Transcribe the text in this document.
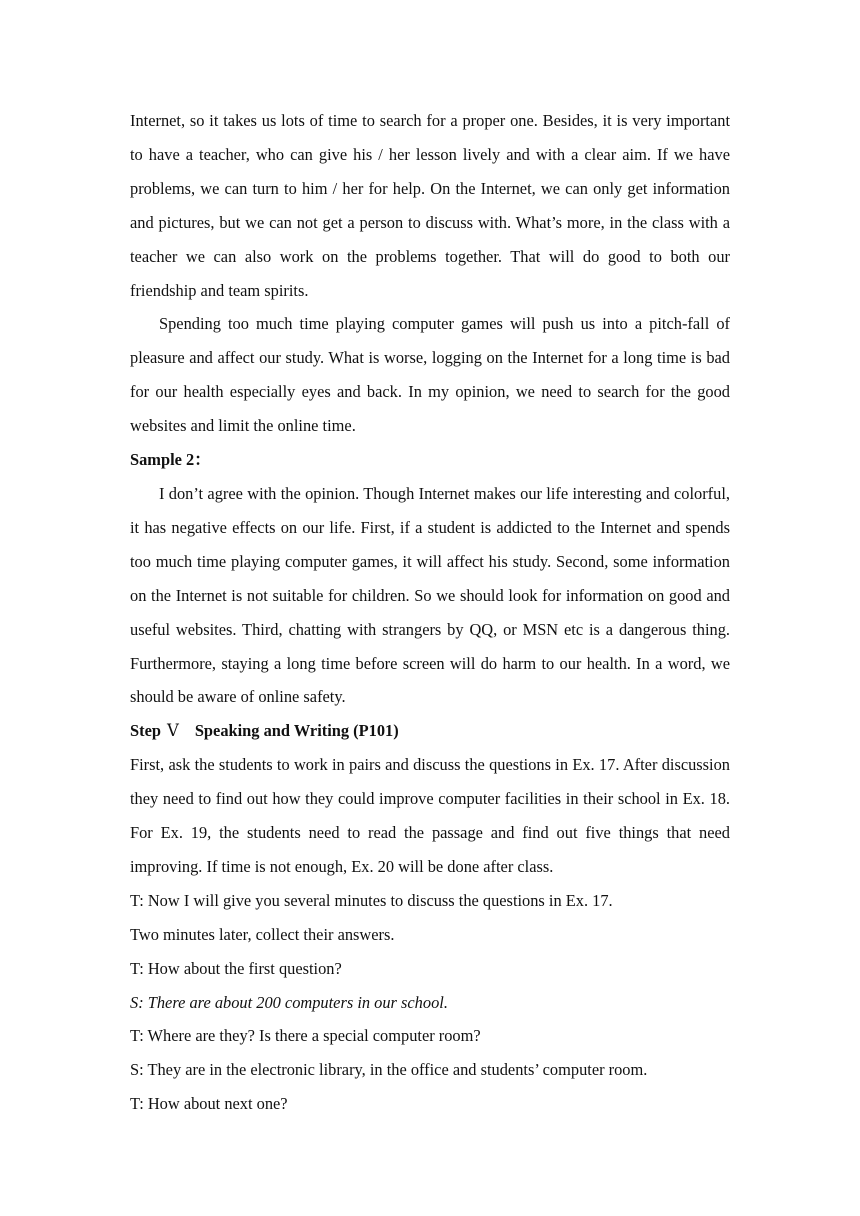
Internet, so it takes us lots of time to search for a proper one. Besides, it is very important to have a teacher, who can give his / her lesson lively and with a clear aim. If we have problems, we can turn to him / her for help. On the Internet, we can only get information and pictures, but we can not get a person to discuss with. What’s more, in the class with a teacher we can also work on the problems together. That will do good to both our friendship and team spirits.

Spending too much time playing computer games will push us into a pitch-fall of pleasure and affect our study. What is worse, logging on the Internet for a long time is bad for our health especially eyes and back. In my opinion, we need to search for the good websites and limit the online time.

Sample 2：

I don’t agree with the opinion. Though Internet makes our life interesting and colorful, it has negative effects on our life. First, if a student is addicted to the Internet and spends too much time playing computer games, it will affect his study. Second, some information on the Internet is not suitable for children. So we should look for information on good and useful websites. Third, chatting with strangers by QQ, or MSN etc is a dangerous thing. Furthermore, staying a long time before screen will do harm to our health. In a word, we should be aware of online safety.

Step Ⅴ Speaking and Writing (P101)

First, ask the students to work in pairs and discuss the questions in Ex. 17. After discussion they need to find out how they could improve computer facilities in their school in Ex. 18. For Ex. 19, the students need to read the passage and find out five things that need improving. If time is not enough, Ex. 20 will be done after class.

T: Now I will give you several minutes to discuss the questions in Ex. 17.

Two minutes later, collect their answers.

T: How about the first question?

S: There are about 200 computers in our school.

T: Where are they? Is there a special computer room?

S: They are in the electronic library, in the office and students’ computer room.

T: How about next one?
